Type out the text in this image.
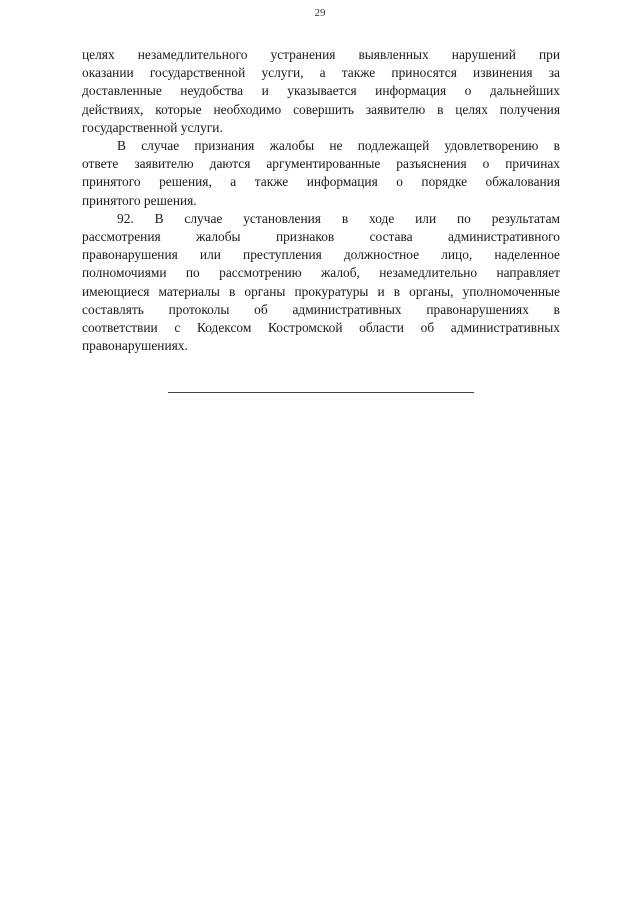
29
целях незамедлительного устранения выявленных нарушений при
оказании государственной услуги, а также приносятся извинения за
доставленные неудобства и указывается информация о дальнейших
действиях, которые необходимо совершить заявителю в целях получения
государственной услуги.
В случае признания жалобы не подлежащей удовлетворению в
ответе заявителю даются аргументированные разъяснения о причинах
принятого решения, а также информация о порядке обжалования
принятого решения.
92. В случае установления в ходе или по результатам
рассмотрения жалобы признаков состава административного
правонарушения или преступления должностное лицо, наделенное
полномочиями по рассмотрению жалоб, незамедлительно направляет
имеющиеся материалы в органы прокуратуры и в органы, уполномоченные
составлять протоколы об административных правонарушениях в
соответствии с Кодексом Костромской области об административных
правонарушениях.
